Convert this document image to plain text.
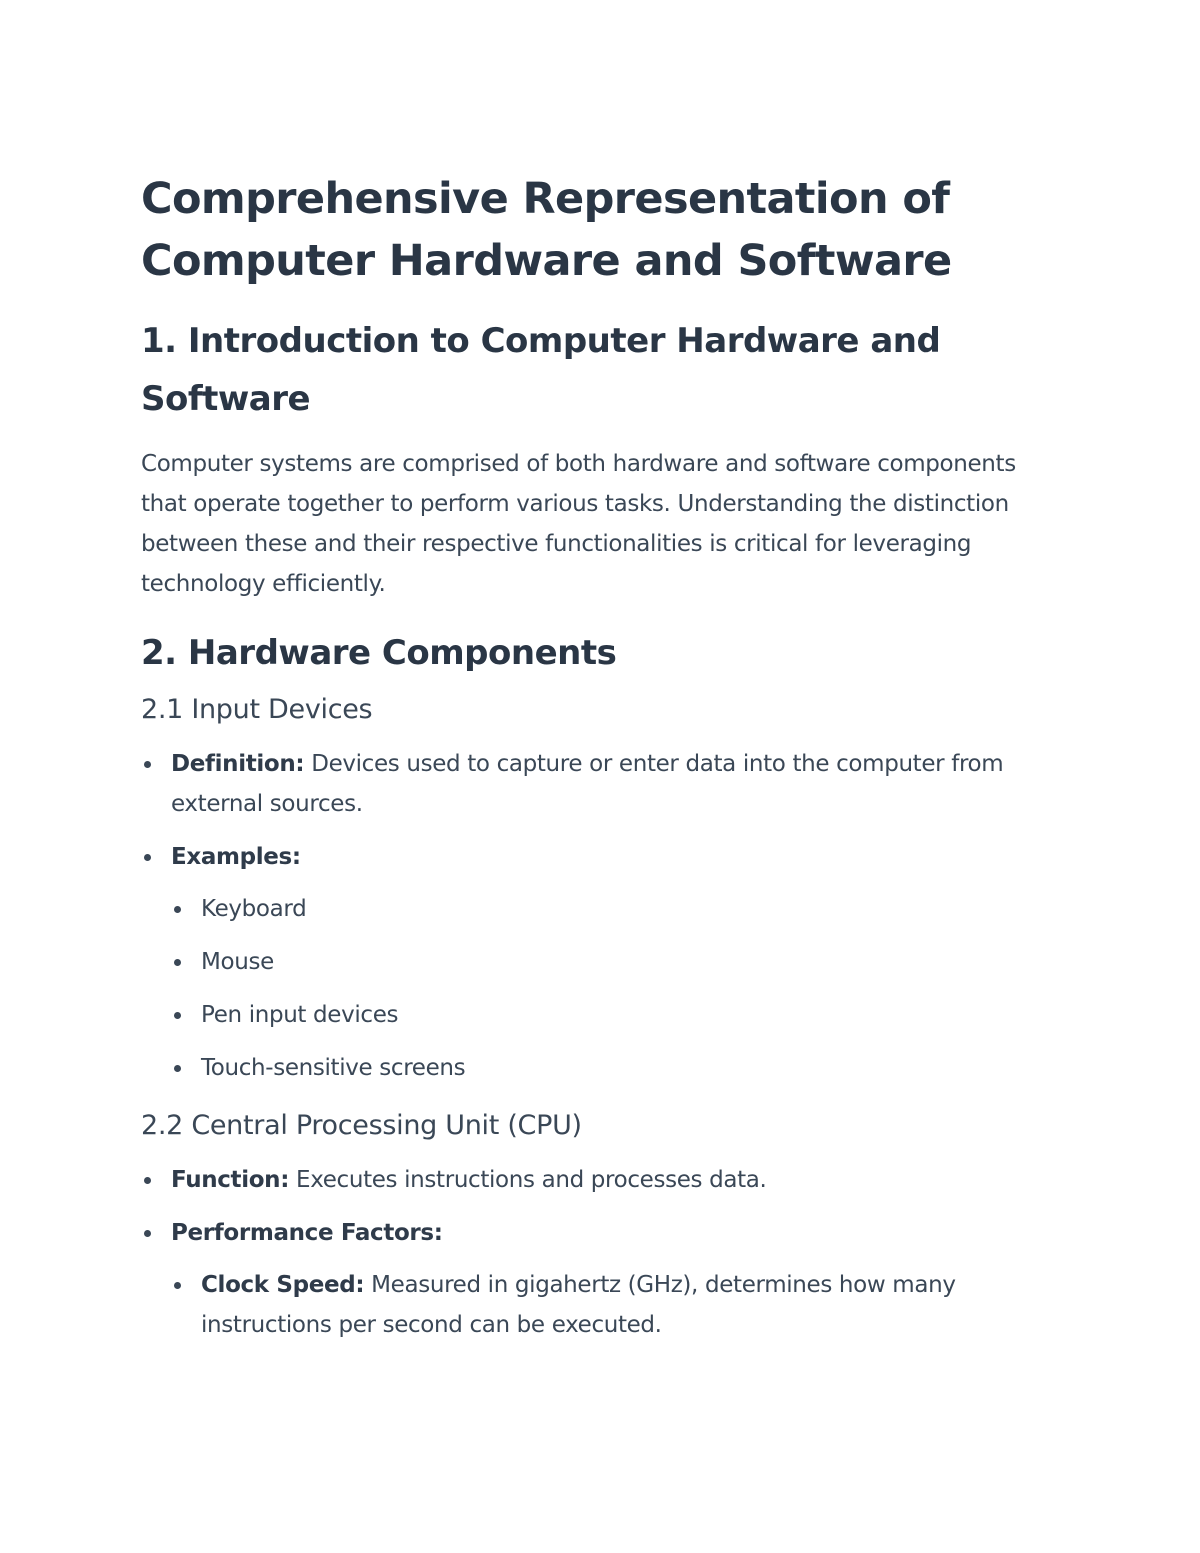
Comprehensive Representation of Computer Hardware and Software
1. Introduction to Computer Hardware and Software

Computer systems are comprised of both hardware and software components that operate together to perform various tasks. Understanding the distinction between these and their respective functionalities is critical for leveraging technology efficiently.

2. Hardware Components
2.1 Input Devices
Definition: Devices used to capture or enter data into the computer from external sources.
Examples:
Keyboard
Mouse
Pen input devices
Touch-sensitive screens
2.2 Central Processing Unit (CPU)
Function: Executes instructions and processes data.
Performance Factors:
Clock Speed: Measured in gigahertz (GHz), determines how many instructions per second can be executed.
